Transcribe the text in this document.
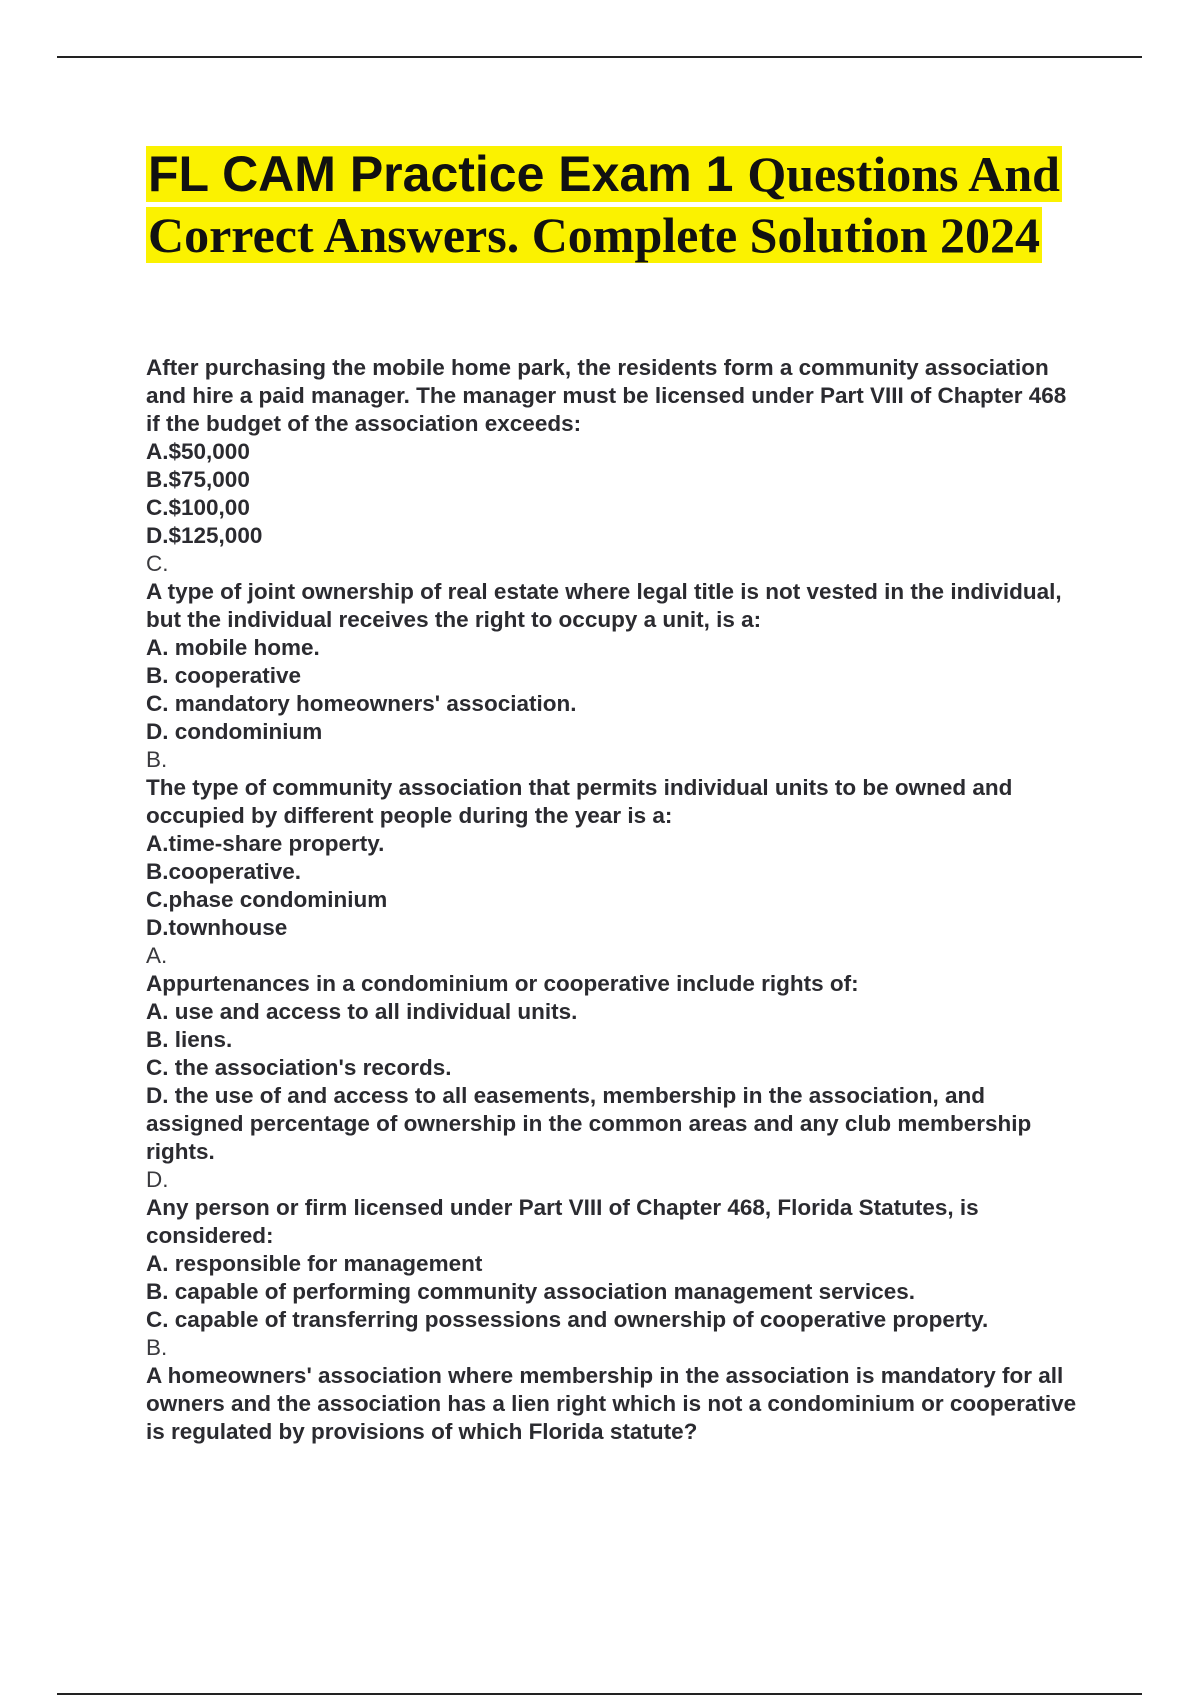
FL CAM Practice Exam 1 Questions And Correct Answers. Complete Solution 2024

After purchasing the mobile home park, the residents form a community association and hire a paid manager. The manager must be licensed under Part VIII of Chapter 468 if the budget of the association exceeds:

A.$50,000

B.$75,000

C.$100,00

D.$125,000

C.

A type of joint ownership of real estate where legal title is not vested in the individual, but the individual receives the right to occupy a unit, is a:

A. mobile home.

B. cooperative

C. mandatory homeowners' association.

D. condominium

B.

The type of community association that permits individual units to be owned and occupied by different people during the year is a:

A.time-share property.

B.cooperative.

C.phase condominium

D.townhouse

A.

Appurtenances in a condominium or cooperative include rights of:

A. use and access to all individual units.

B. liens.

C. the association's records.

D. the use of and access to all easements, membership in the association, and assigned percentage of ownership in the common areas and any club membership rights.

D.

Any person or firm licensed under Part VIII of Chapter 468, Florida Statutes, is considered:

A. responsible for management

B. capable of performing community association management services.

C. capable of transferring possessions and ownership of cooperative property.

B.

A homeowners' association where membership in the association is mandatory for all owners and the association has a lien right which is not a condominium or cooperative is regulated by provisions of which Florida statute?
